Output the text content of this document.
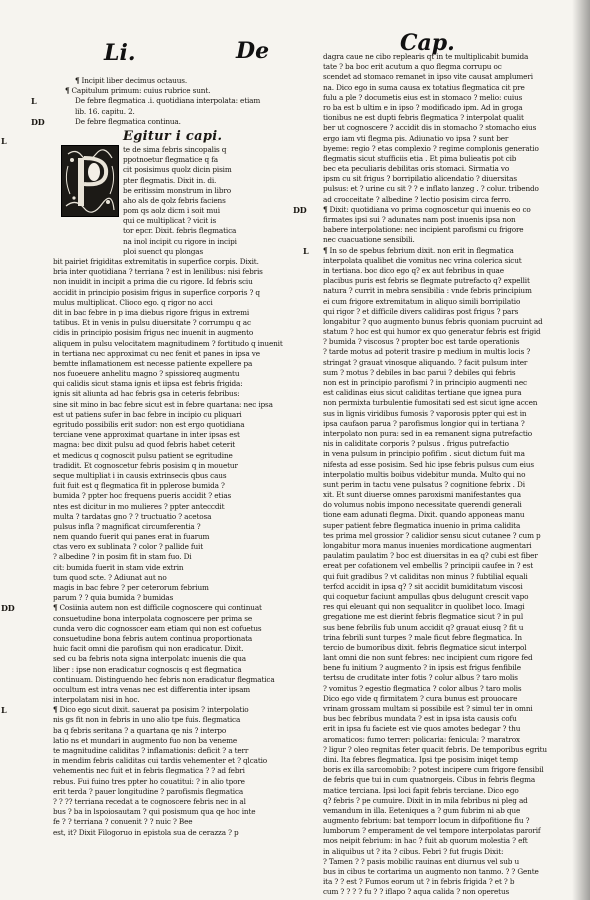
Li.	De	Cap.
¶ Incipit liber decimus octauus.
¶ Capitulum primum: cuius rubrice sunt.
L	De febre flegmatica .i. quotidiana interpolata: etiam
lib. 16. capitu. 2.
DD	De febre flegmatica continua.
L	Egitur i capi.
te de sima febris sincopalis q
ppotnoetur flegmatice q fa
cit posisimus quolz dicin pisim
pter flegmatis. Dixit in. di.
be eritissim monstrum in libro
aho als de qolz febris faciens
pom qs aolz dicm i soit mui
qui ce multiplicat ? vicit is
tor epcr. Dixit. febris flegmatica
na inol incipit cu rigore in incipi
ploi suenct qu plongas
bit pairiet frigiditas extremitatis in superfice corpis. Dixit.
bria inter quotidiana ? terriana ? est in lenilibus: nisi febris
non inuidit in incipit a prima die cu rigore. Id febris sciu
accidit in principio posisim frigus in superfice corporis ? q
mulus multiplicat. Clioco ego. q rigor no acci
dit in bac febre in p ima diebus rigore frigus in extremi
tatibus. Et in venis in pulsu diuersitate ? corrumpu q ac
cidis in principio posisim frigus nec inuenit in augmento
aliquem in pulsu velocitatem magnitudinem ? fortitudo q inuenit
in tertiana nec approximat cu nec fenit et panes in ipsa ve
bemtte inflamationem est necesse patiente expellere pa
nos fuoeuere anhelitu magno ? spissioreq augmentu
qui calidis sicut stama ignis et iipsa est febris frigida:
ignis sit aliunta ad hac febris gsa in ceteris febribus:
sine sit mino in bac febre sicut est in febre quartana: nec ipsa
est ut patiens sufer in bac febre in incipio cu pliquari
egritudo possibilis erit sudor: non est ergo quotidiana
terciane vene approximat quartane in inter ipsas est
magna: bec dixit pulsu ad quod febris habet ceterit
et medicus q cognoscit pulsu patient se egritudine
tradidit. Et cognoscetur febris posisim q in mouetur
seque multipliat i in causis extrinsecis qbus caus
fuit fuit est q flegmatica fit in pplerose bumida ?
bumida ? ppter hoc frequens pueris accidit ? etias
ntes est dicitur in mo mulieres ? ppter anteccdit
multa ? tardatas gno ? ? tructuatio ? acetosa
pulsus infla ? magnificat circumferentia ?
nem quando fuerit qui panes erat in fuarum
ctas vero ex sublinata ? color ? pallide fuit
? albedine ? in posim fit in stam fuo. Di
cit: bumida fuerit in stam vide extrin
tum quod scte. ? Adiunat aut no
magis in bac febre ? per ceterorum febrium
parum ? ? quia bumida ? bumidas
DD	¶ Cosiinia autem non est difficile cognoscere qui continuat
consuetudine bona interpolata cognoscere per prima se
cunda vero dic cognosscer eam etiam qui non est cofuetus
consuetudine bona febris autem continua proportionata
huic facit omni die parofism qui non eradicatur. Dixit.
sed cu ba febris nota signa interpolatc inuenis die qua
liber : ipse non eradicatur cognoscis q est flegmatica
continuam. Distinguendo hec febris non eradicatur flegmatica
occultum est intra venas nec est differentia inter ipsam
interpolatam nisi in hoc.
L	¶ Dico ego sicut dixit. sauerat pa posisim ? interpolatio
nis gs fit non in febris in uno alio tpe fuis. flegmatica
ba q febris seritana ? a quartana qe nis ? interpo
latio ns et mundari in augmento fuo non ba veneme
te magnitudine caliditas ? inflamationis: deficit ? a terr
in mendim febris caliditas cui tardis vehementer et ? qlcatio
vehementis nec fuit et in febris flegmatica ? ? ad febri
rebus. Fui fuino tres ppter ho couatitui: ? in alio tpore
erit terda ? pauer longitudine ? parofismis flegmatica
? ? ?? terriana recedat a te cognoscere febris nec in al
bus ? ba in lspoiosautam ? qui posismum qua qe hoc inte
fe ? ? terriana ? conuenit ? ? nuic ? Bee
est, it? Dixit Filogoruo in epistola sua de cerazza ? p
dagra caue ne cibo replearis qt in te multiplicabit bumida
tate ? ba boc erit acutum a quo flegma corrupu oc
scendet ad stomaco remanet in ipso vite causat amplumeri
na. Dico ego in suma causa ex totatius flegmatica cit pre
fulu a ple ? documetis eius est in stomaco ? melio: cuius
ro ba est b ultim e in ipso ? modificado ipm. Ad in groga
tionibus ne est dupti febris flegmatica ? interpolat qualit
ber ut cognoscere ? accidit dis in stomacho ? stomacho eius
ergo iam vti flegma pis. Adiunatio vo ipsa ? sunt ber
byeme: regio ? etas complexio ? regime complonis generatio
flegmatis sicut stufficiis etia . Et pima bulieatis pot cib
bec eta peculiaris debilitas oris stomaci. Sirmatia vo
ipsm cu sit frigus ? borripilatio alicendatio ? diuersitas
pulsus: et ? urine cu sit ? ? e inflato lanzeg . ? colur. tribendo
ad crocceitate ? albedine ? lectio posisim circa ferro.
DD ¶ Dixit: quotidiana vo prima cognoscetur qui inuenis eo co
firmates ipsi sui ? adunates nam post inuenis ipsa non
babere interpolatione: nec incipient parofismi cu frigore
nec cuacuatione sensibili.
L ¶ In so de spebus febrium dixit. non erit in flegmatica
interpolata qualibet die vomitus nec vrina colerica sicut
in tertiana. boc dico ego q? ex aut febribus in quae
placibus puris est febris se flegmate putrefacto q? expellit
natura ? currit in mebra sensibilia : vnde febris principium
ei cum frigore extremitatum in aliquo simili borripilatio
qui rigor ? et difficile divers calidiras post frigus ? pars
longabitur ? quo augmento bunus febris quoniam pucruint ad
statum ? hoc est qui humor ex quo generatur febris est frigid
? bumida ? viscosus ? propter boc est tarde operationis
? tarde motus ad poterit trasire p medium in multis locis ?
stringat ? grauat vinosque aliquando. ? facit pulsum inter
sum ? motus ? debiles in bac parui ? debiles qui febris
non est in principio parofismi ? in principio augmenti nec
est calidinas eius sicut caliditas tertiane que ignea pura
non permixta turbulentie fumositati sed est sicut igne accen
sus in lignis viridibus fumosis ? vaporosis ppter qui est in
ipsa caufaon parua ? parofismus longior qui in tertiana ?
interpolato non pura: sed in ea remanent signa putrefactio
nis in caliditate corporis ? pulsus . frigus putrefactio
in vena pulsum in principio pofifim . sicut dictum fuit ma
nifesta ad esse posisim. Sed hic ipse febris pulsus cum eius
interpolatio multis boibus videbitur munda. Multo qui no
sunt perim in tactu vene pulsatus ? cognitione febrix . Di
xit. Et sunt diuerse omnes paroxismi manifestantes qua
do volumus nobis impono necessitate querendi generali
tione eam adunati flegma. Dixit. quando apponeas manu
super patient febre flegmatica inuenio in prima calidita
tes prima mel grossior ? calidior sensu sicut cutanee ? cum p
longabitur mora manus inuenies mordicatione augmentari
paulatim paulatim ? boc est diuersitas in ea q? cubi est fiber
ereat per cofationem vel embellis ? principii caufee in ? est
qui fuit gradibus ? vt caliditas non minus ? fubtilial equali
terfcd accidit in ipsa q? ? sit accidit bumiditatum viscosi
qui coquetur faciunt ampullas qbus delugunt crescit vapo
res qui eleuant qui non sequalitcr in quolibet loco. Imagi
gregatione me est dierint febris flegmatice sicut ? in pul
sus bene febrilis fub unum accidit q? grauat eiusq ? fit u
trina febrili sunt turpes ? male ficut febre flegmatica. In
tercio de bumoribus dixit. febris flegmatice sicut interpol
lant omni die non sunt febres: nec incipient cum rigore fed
bene fu initium ? augmento ? in ipsis est frigus fenfibile
tertsu de cruditate inter fotis ? colur albus ? taro molis
? vomitus ? egestio flegmatica ? color albus ? taro molis
Dico ego vide q firmitatem ? cura bunus est prouocare
vrinam grossam multam si possibile est ? simul ter in omni
bus bec febribus mundata ? est in ipsa ista causis cofu
erit in ipsa fu faciete est vie quos amotes bedegar ? thu
aromaticos: fumo terrer: policaria: fenicula: ? maratrox
? ligur ? oleo regnitas feter quacit febris. De temporibus egritu
dini. Ita febres flegmatica. Ipsi tpe posisim iniqet temp
boris ex illa sarcomobib: ? potest incipere cum frigore fensibil
de febris que tui in cum quatnorgeis. Cibus in febris flegma
matice terciana. Ipsi loci fapit febris terciane. Dico ego
q? febris ? pe cumuire. Dixit in in mila febribus ni pleg ad
vemandum in illa. Eeteniques a ? gum fubrim ni ab que
augmento febrium: bat temporr locum in difpofitione fiu ?
lumborum ? emperament de vel tempore interpolatas parorif
mos neipit febrium: in hac ? fuit ab quorum molestia ? eft
in aliquibus ut ? ita ? cibus. Febri ? fut frugis Dixit:
? Tamen ? ? pasis mobilic rauinas ent diurnus vel sub u
bus in cibus te cortarima un augmento non tanmo. ? ? Gente
ita ? ? est ? Fumos eorum ut ? in febris frigida ? et ? b
cum ? ? ? ? fu ? ? iflapo ? aqua calida ? non operetus
